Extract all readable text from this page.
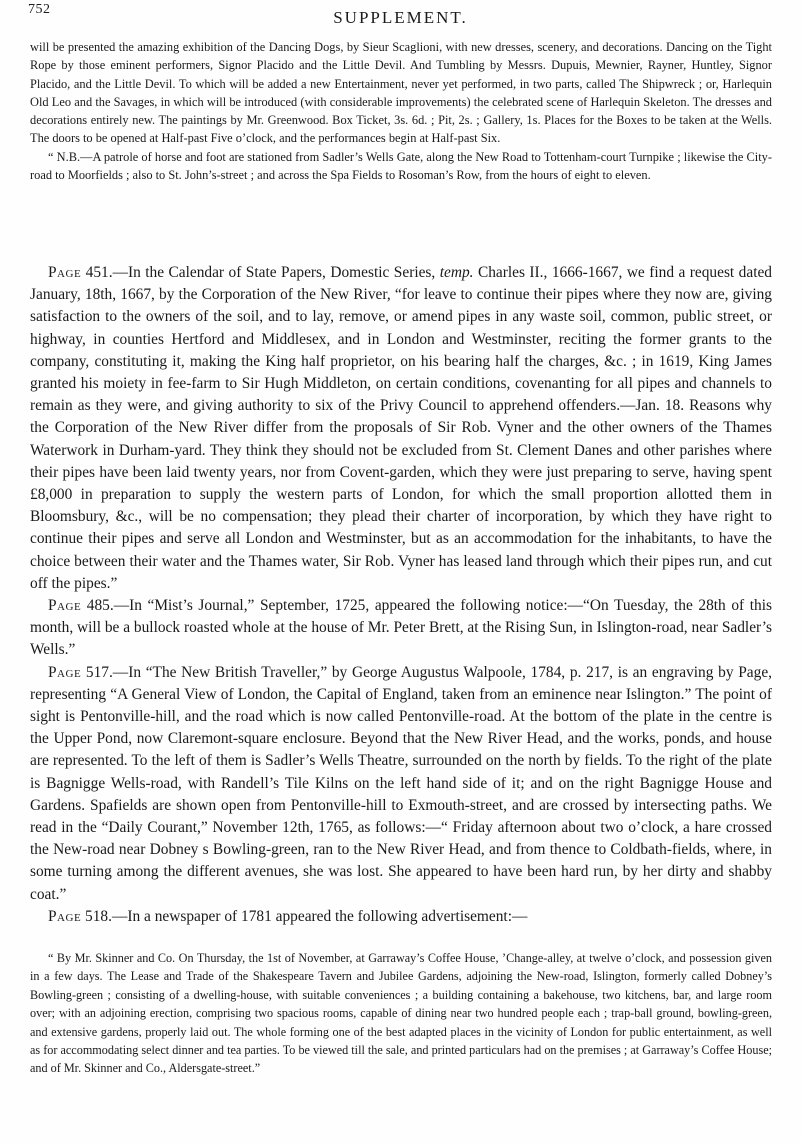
752	SUPPLEMENT.

will be presented the amazing exhibition of the Dancing Dogs, by Sieur Scaglioni, with new dresses, scenery, and decorations. Dancing on the Tight Rope by those eminent performers, Signor Placido and the Little Devil. And Tumbling by Messrs. Dupuis, Mewnier, Rayner, Huntley, Signor Placido, and the Little Devil. To which will be added a new Entertainment, never yet performed, in two parts, called The Shipwreck ; or, Harlequin Old Leo and the Savages, in which will be introduced (with considerable improvements) the celebrated scene of Harlequin Skeleton. The dresses and decorations entirely new. The paintings by Mr. Greenwood. Box Ticket, 3s. 6d. ; Pit, 2s. ; Gallery, 1s. Places for the Boxes to be taken at the Wells. The doors to be opened at Half-past Five o’clock, and the performances begin at Half-past Six.

“ N.B.—A patrole of horse and foot are stationed from Sadler’s Wells Gate, along the New Road to Tottenham-court Turnpike ; likewise the City-road to Moorfields ; also to St. John’s-street ; and across the Spa Fields to Rosoman’s Row, from the hours of eight to eleven.

Page 451.—In the Calendar of State Papers, Domestic Series, temp. Charles II., 1666-1667, we find a request dated January, 18th, 1667, by the Corporation of the New River, “for leave to continue their pipes where they now are, giving satisfaction to the owners of the soil, and to lay, remove, or amend pipes in any waste soil, common, public street, or highway, in counties Hertford and Middlesex, and in London and Westminster, reciting the former grants to the company, constituting it, making the King half proprietor, on his bearing half the charges, &c. ; in 1619, King James granted his moiety in fee-farm to Sir Hugh Middleton, on certain conditions, covenanting for all pipes and channels to remain as they were, and giving authority to six of the Privy Council to apprehend offenders.—Jan. 18. Reasons why the Corporation of the New River differ from the proposals of Sir Rob. Vyner and the other owners of the Thames Waterwork in Durham-yard. They think they should not be excluded from St. Clement Danes and other parishes where their pipes have been laid twenty years, nor from Covent-garden, which they were just preparing to serve, having spent £8,000 in preparation to supply the western parts of London, for which the small proportion allotted them in Bloomsbury, &c., will be no compensation; they plead their charter of incorporation, by which they have right to continue their pipes and serve all London and Westminster, but as an accommodation for the inhabitants, to have the choice between their water and the Thames water, Sir Rob. Vyner has leased land through which their pipes run, and cut off the pipes.”

Page 485.—In “Mist’s Journal,” September, 1725, appeared the following notice:—“On Tuesday, the 28th of this month, will be a bullock roasted whole at the house of Mr. Peter Brett, at the Rising Sun, in Islington-road, near Sadler’s Wells.”

Page 517.—In “The New British Traveller,” by George Augustus Walpoole, 1784, p. 217, is an engraving by Page, representing “A General View of London, the Capital of England, taken from an eminence near Islington.” The point of sight is Pentonville-hill, and the road which is now called Pentonville-road. At the bottom of the plate in the centre is the Upper Pond, now Claremont-square enclosure. Beyond that the New River Head, and the works, ponds, and house are represented. To the left of them is Sadler’s Wells Theatre, surrounded on the north by fields. To the right of the plate is Bagnigge Wells-road, with Randell’s Tile Kilns on the left hand side of it; and on the right Bagnigge House and Gardens. Spafields are shown open from Pentonville-hill to Exmouth-street, and are crossed by intersecting paths. We read in the “Daily Courant,” November 12th, 1765, as follows:—“ Friday afternoon about two o’clock, a hare crossed the New-road near Dobney s Bowling-green, ran to the New River Head, and from thence to Coldbath-fields, where, in some turning among the different avenues, she was lost. She appeared to have been hard run, by her dirty and shabby coat.”

Page 518.—In a newspaper of 1781 appeared the following advertisement:—

“ By Mr. Skinner and Co. On Thursday, the 1st of November, at Garraway’s Coffee House, ’Change-alley, at twelve o’clock, and possession given in a few days. The Lease and Trade of the Shakespeare Tavern and Jubilee Gardens, adjoining the New-road, Islington, formerly called Dobney’s Bowling-green ; consisting of a dwelling-house, with suitable conveniences ; a building containing a bakehouse, two kitchens, bar, and large room over; with an adjoining erection, comprising two spacious rooms, capable of dining near two hundred people each ; trap-ball ground, bowling-green, and extensive gardens, properly laid out. The whole forming one of the best adapted places in the vicinity of London for public entertainment, as well as for accommodating select dinner and tea parties. To be viewed till the sale, and printed particulars had on the premises ; at Garraway’s Coffee House; and of Mr. Skinner and Co., Aldersgate-street.”
